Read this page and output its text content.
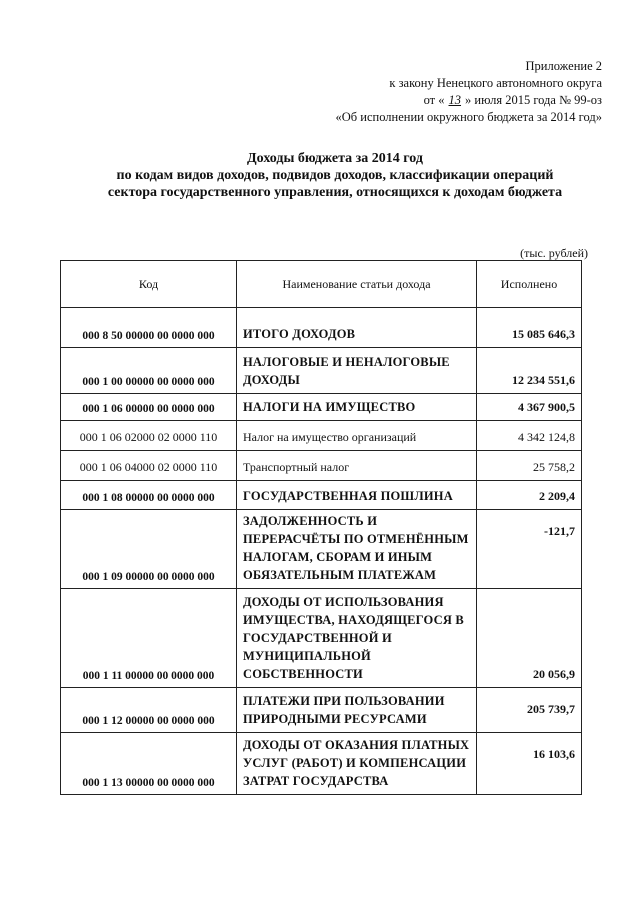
Приложение 2
к закону Ненецкого автономного округа
от « 13 » июля 2015 года № 99-оз
«Об исполнении окружного бюджета за 2014 год»
Доходы бюджета за 2014 год
по кодам видов доходов, подвидов доходов, классификации операций
сектора государственного управления, относящихся к доходам бюджета
(тыс. рублей)
Код	Наименование статьи дохода	Исполнено
000 8 50 00000 00 0000 000	ИТОГО ДОХОДОВ	15 085 646,3
000 1 00 00000 00 0000 000	НАЛОГОВЫЕ И НЕНАЛОГОВЫЕ ДОХОДЫ	12 234 551,6
000 1 06 00000 00 0000 000	НАЛОГИ НА ИМУЩЕСТВО	4 367 900,5
000 1 06 02000 02 0000 110	Налог на имущество организаций	4 342 124,8
000 1 06 04000 02 0000 110	Транспортный налог	25 758,2
000 1 08 00000 00 0000 000	ГОСУДАРСТВЕННАЯ ПОШЛИНА	2 209,4
000 1 09 00000 00 0000 000	ЗАДОЛЖЕННОСТЬ И ПЕРЕРАСЧЁТЫ ПО ОТМЕНЁННЫМ НАЛОГАМ, СБОРАМ И ИНЫМ ОБЯЗАТЕЛЬНЫМ ПЛАТЕЖАМ	-121,7
000 1 11 00000 00 0000 000	ДОХОДЫ ОТ ИСПОЛЬЗОВАНИЯ ИМУЩЕСТВА, НАХОДЯЩЕГОСЯ В ГОСУДАРСТВЕННОЙ И МУНИЦИПАЛЬНОЙ СОБСТВЕННОСТИ	20 056,9
000 1 12 00000 00 0000 000	ПЛАТЕЖИ ПРИ ПОЛЬЗОВАНИИ ПРИРОДНЫМИ РЕСУРСАМИ	205 739,7
000 1 13 00000 00 0000 000	ДОХОДЫ ОТ ОКАЗАНИЯ ПЛАТНЫХ УСЛУГ (РАБОТ) И КОМПЕНСАЦИИ ЗАТРАТ ГОСУДАРСТВА	16 103,6
